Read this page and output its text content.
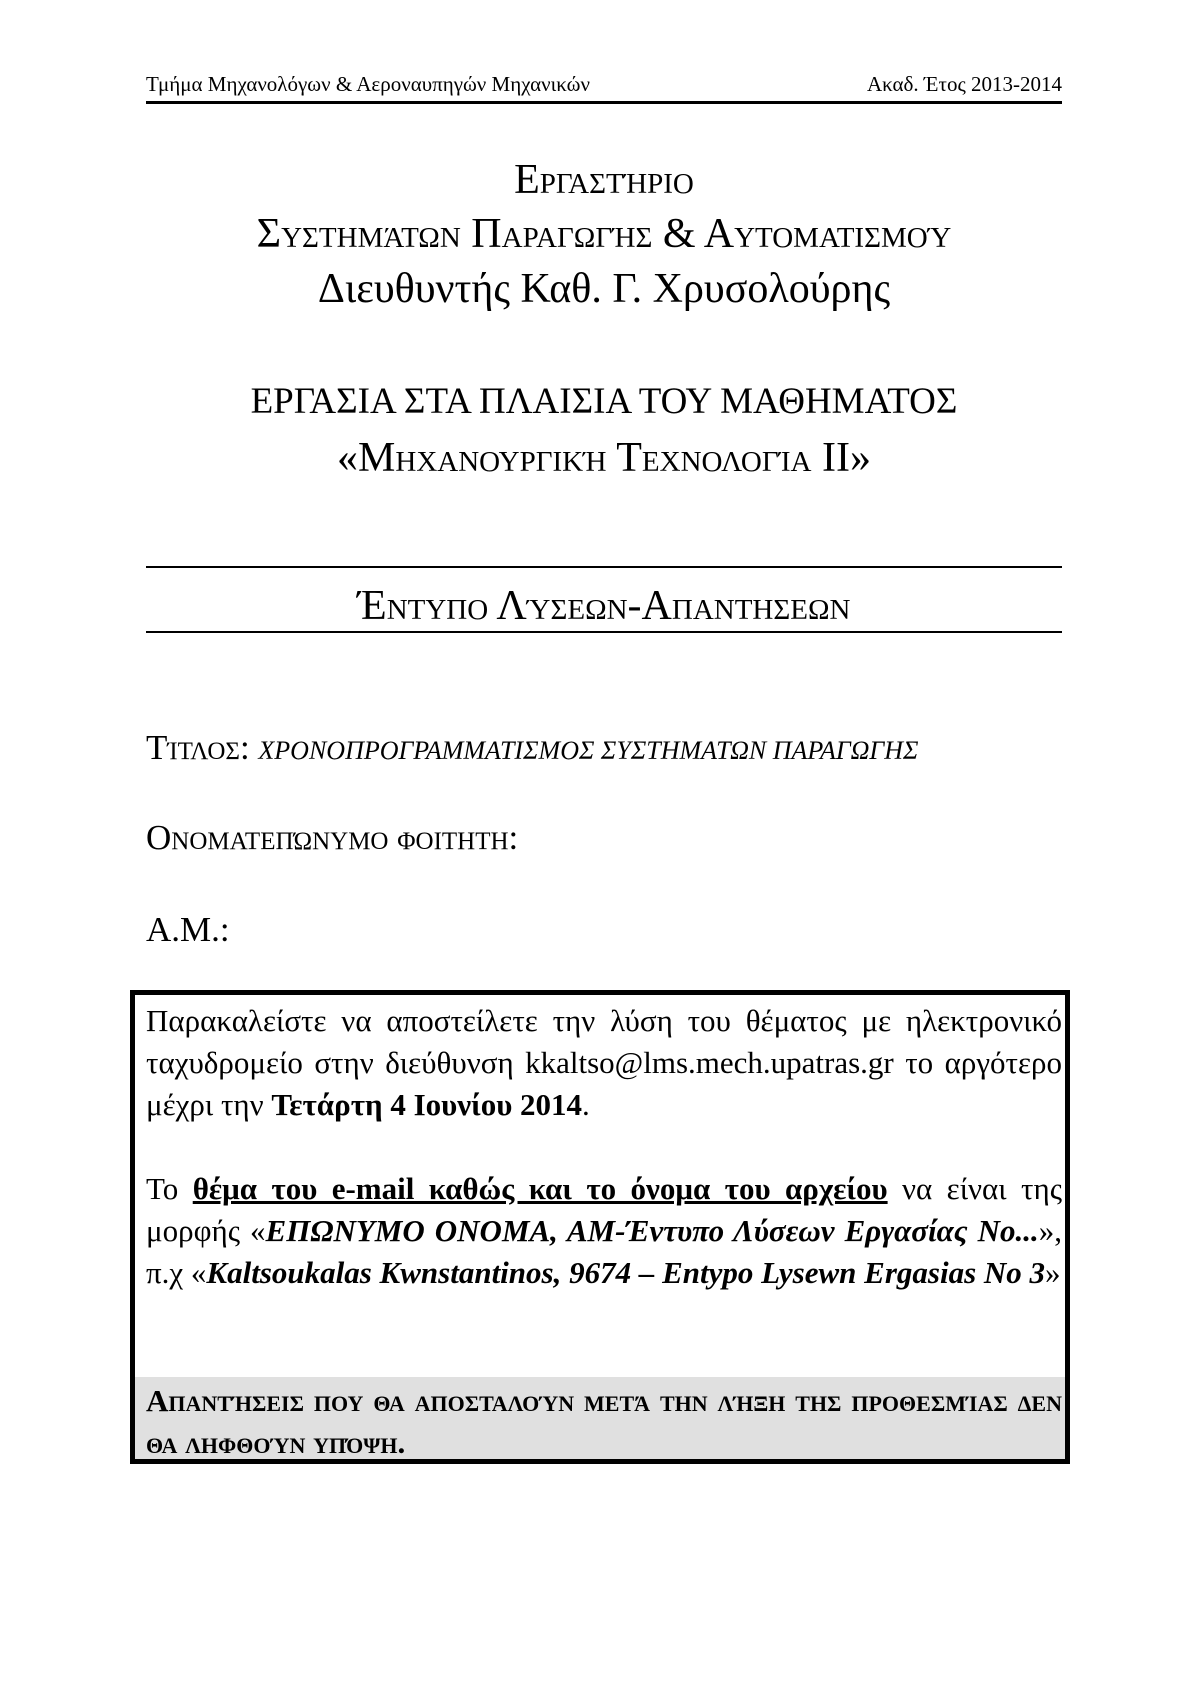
Τμήμα Μηχανολόγων & Αεροναυπηγών Μηχανικών	Ακαδ. Έτος 2013-2014
Εργαστήριο
Συστημάτων Παραγωγής & Αυτοματισμού
Διευθυντής Καθ. Γ. Χρυσολούρης
ΕΡΓΑΣΙΑ ΣΤΑ ΠΛΑΙΣΙΑ ΤΟΥ ΜΑΘΗΜΑΤΟΣ
«Μηχανουργική Τεχνολογία ΙΙ»
Έντυπο Λύσεων-Απαντησεων
Τίτλος: ΧΡΟΝΟΠΡΟΓΡΑΜΜΑΤΙΣΜΟΣ ΣΥΣΤΗΜΑΤΩΝ ΠΑΡΑΓΩΓΗΣ
Ονοματεπώνυμο φοιτητη:
Α.Μ.:

Παρακαλείστε να αποστείλετε την λύση του θέματος με ηλεκτρονικό ταχυδρομείο στην διεύθυνση kkaltso@lms.mech.upatras.gr το αργότερο μέχρι την Τετάρτη 4 Ιουνίου 2014.

Το θέμα του e-mail καθώς και το όνομα του αρχείου να είναι της μορφής «ΕΠΩΝΥΜΟ ΟΝΟΜΑ, ΑΜ-Έντυπο Λύσεων Εργασίας Νο...», π.χ «Kaltsoukalas Kwnstantinos, 9674 – Entypo Lysewn Ergasias No 3»

Απαντήσεις που θα αποσταλούν μετά την λήξη της προθεσμίας δεν θα ληφθούν υπόψη.
